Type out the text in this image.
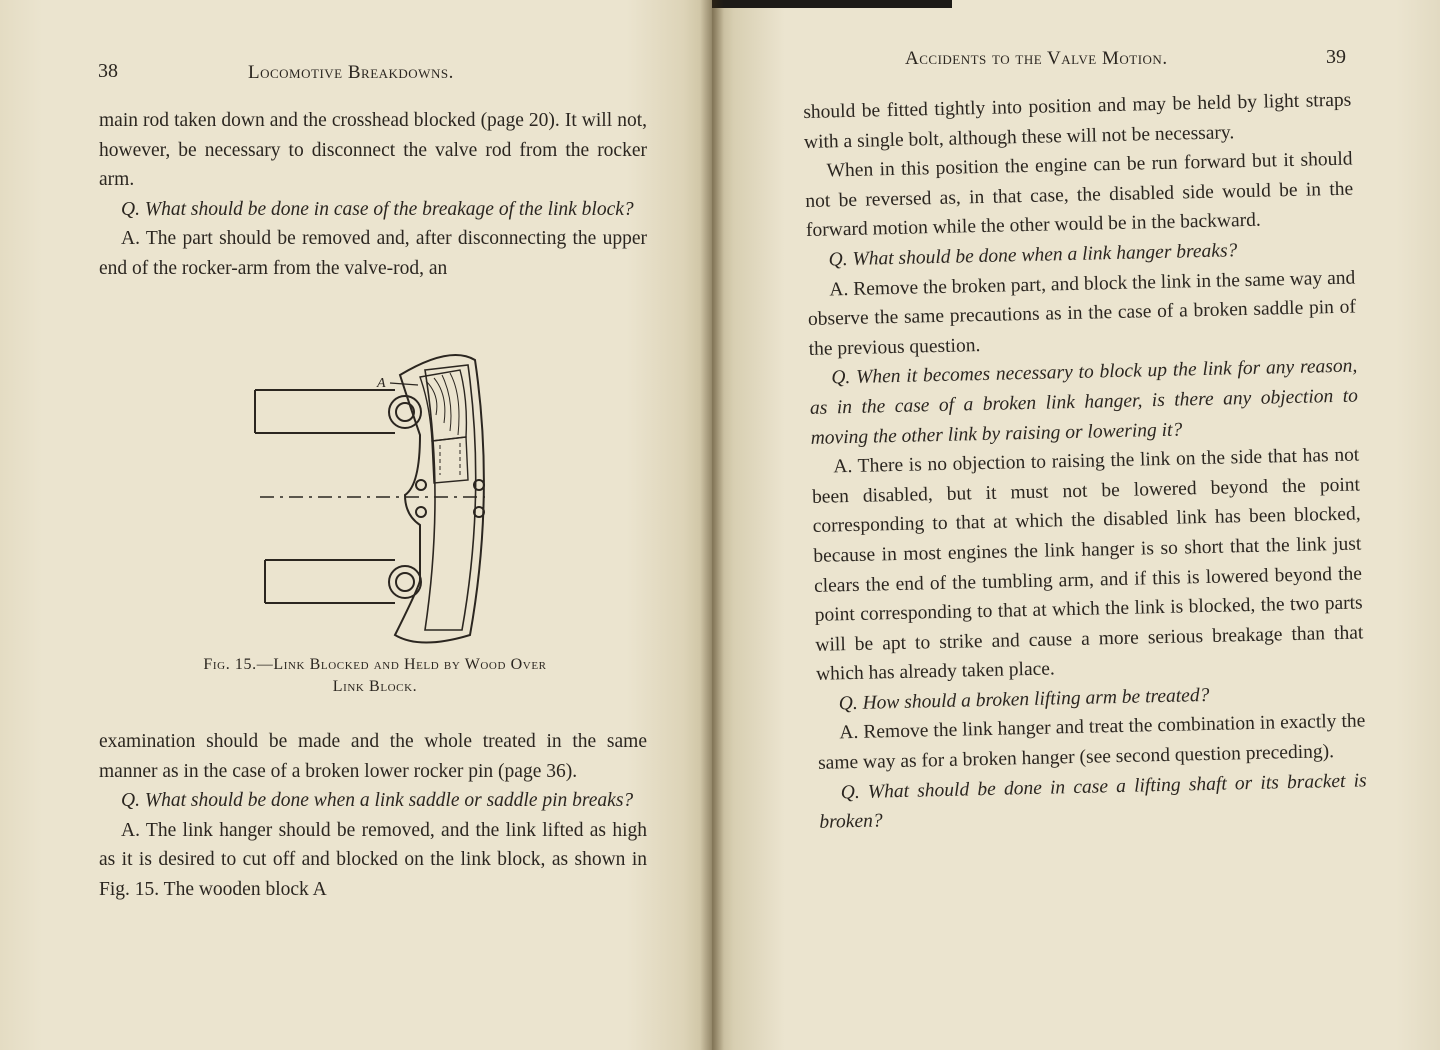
38	Locomotive Breakdowns.

main rod taken down and the crosshead blocked (page 20). It will not, however, be necessary to disconnect the valve rod from the rocker arm.

Q. What should be done in case of the breakage of the link block?

A. The part should be removed and, after disconnecting the upper end of the rocker-arm from the valve-rod, an

A
Fig. 15.—Link Blocked and Held by Wood Over
Link Block.

examination should be made and the whole treated in the same manner as in the case of a broken lower rocker pin (page 36).

Q. What should be done when a link saddle or saddle pin breaks?

A. The link hanger should be removed, and the link lifted as high as it is desired to cut off and blocked on the link block, as shown in Fig. 15. The wooden block A

Accidents to the Valve Motion.	39

should be fitted tightly into position and may be held by light straps with a single bolt, although these will not be necessary.

When in this position the engine can be run forward but it should not be reversed as, in that case, the disabled side would be in the forward motion while the other would be in the backward.

Q. What should be done when a link hanger breaks?

A. Remove the broken part, and block the link in the same way and observe the same precautions as in the case of a broken saddle pin of the previous question.

Q. When it becomes necessary to block up the link for any reason, as in the case of a broken link hanger, is there any objection to moving the other link by raising or lowering it?

A. There is no objection to raising the link on the side that has not been disabled, but it must not be lowered beyond the point corresponding to that at which the disabled link has been blocked, because in most engines the link hanger is so short that the link just clears the end of the tumbling arm, and if this is lowered beyond the point corresponding to that at which the link is blocked, the two parts will be apt to strike and cause a more serious breakage than that which has already taken place.

Q. How should a broken lifting arm be treated?

A. Remove the link hanger and treat the combination in exactly the same way as for a broken hanger (see second question preceding).

Q. What should be done in case a lifting shaft or its bracket is broken?
